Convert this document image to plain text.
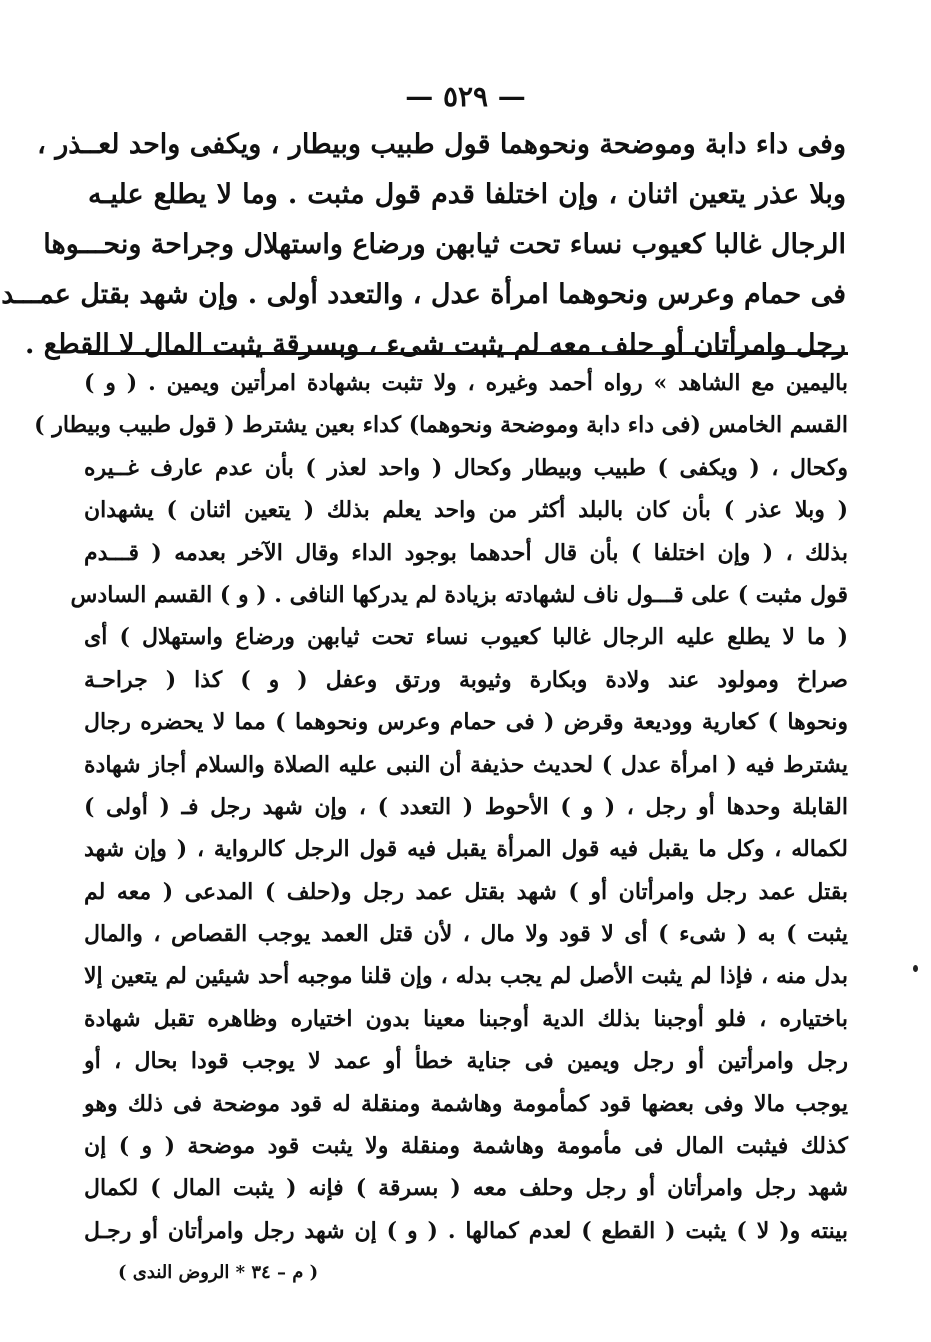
— ٥٢٩ —
وفى داء دابة وموضحة ونحوهما قول طبيب وبيطار ، ويكفى واحد لعــذر ،
وبلا عذر يتعين اثنان ، وإن اختلفا قدم قول مثبت . وما لا يطلع عليـه
الرجال غالبا كعيوب نساء تحت ثيابهن ورضاع واستهلال وجراحة ونحـــوها
فى حمام وعرس ونحوهما امرأة عدل ، والتعدد أولى . وإن شهد بقتل عمـــد
رجل وامرأتان أو حلف معه لم يثبت شىء ، وبسرقة يثبت المال لا القطع .
باليمين مع الشاهد » رواه أحمد وغيره ، ولا تثبت بشهادة امرأتين ويمين . ( و )
القسم الخامس (فى داء دابة وموضحة ونحوهما) كداء بعين يشترط ( قول طبيب وبيطار )
وكحال ، ( ويكفى ) طبيب وبيطار وكحال ( واحد لعذر ) بأن عدم عارف غــيره
( وبلا عذر ) بأن كان بالبلد أكثر من واحد يعلم بذلك ( يتعين اثنان ) يشهدان
بذلك ، ( وإن اختلفا ) بأن قال أحدهما بوجود الداء وقال الآخر بعدمه ( قـــدم
قول مثبت ) على قـــول ناف لشهادته بزيادة لم يدركها النافى . ( و ) القسم السادس
( ما لا يطلع عليه الرجال غالبا كعيوب نساء تحت ثيابهن ورضاع واستهلال ) أى
صراخ ومولود عند ولادة وبكارة وثيوبة ورتق وعفل ( و ) كذا ( جراحـة
ونحوها ) كعارية ووديعة وقرض ( فى حمام وعرس ونحوهما ) مما لا يحضره رجال
يشترط فيه ( امرأة عدل ) لحديث حذيفة أن النبى عليه الصلاة والسلام أجاز شهادة
القابلة وحدها أو رجل ، ( و ) الأحوط ( التعدد ) ، وإن شهد رجل فـ ( أولى )
لكماله ، وكل ما يقبل فيه قول المرأة يقبل فيه قول الرجل كالرواية ، ( وإن شهد
بقتل عمد رجل وامرأتان أو ) شهد بقتل عمد رجل و(حلف ) المدعى ( معه لم
يثبت ) به ( شىء ) أى لا قود ولا مال ، لأن قتل العمد يوجب القصاص ، والمال
بدل منه ، فإذا لم يثبت الأصل لم يجب بدله ، وإن قلنا موجبه أحد شيئين لم يتعين إلا
باختياره ، فلو أوجبنا بذلك الدية أوجبنا معينا بدون اختياره وظاهره تقبل شهادة
رجل وامرأتين أو رجل ويمين فى جناية خطأ أو عمد لا يوجب قودا بحال ، أو
يوجب مالا وفى بعضها قود كمأمومة وهاشمة ومنقلة له قود موضحة فى ذلك وهو
كذلك فيثبت المال فى مأمومة وهاشمة ومنقلة ولا يثبت قود موضحة ( و ) إن
شهد رجل وامرأتان أو رجل وحلف معه ( بسرقة ) فإنه ( يثبت المال ) لكمال
بينته و( لا ) يثبت ( القطع ) لعدم كمالها . ( و ) إن شهد رجل وامرأتان أو رجـل
( م – ٣٤ * الروض الندى )
